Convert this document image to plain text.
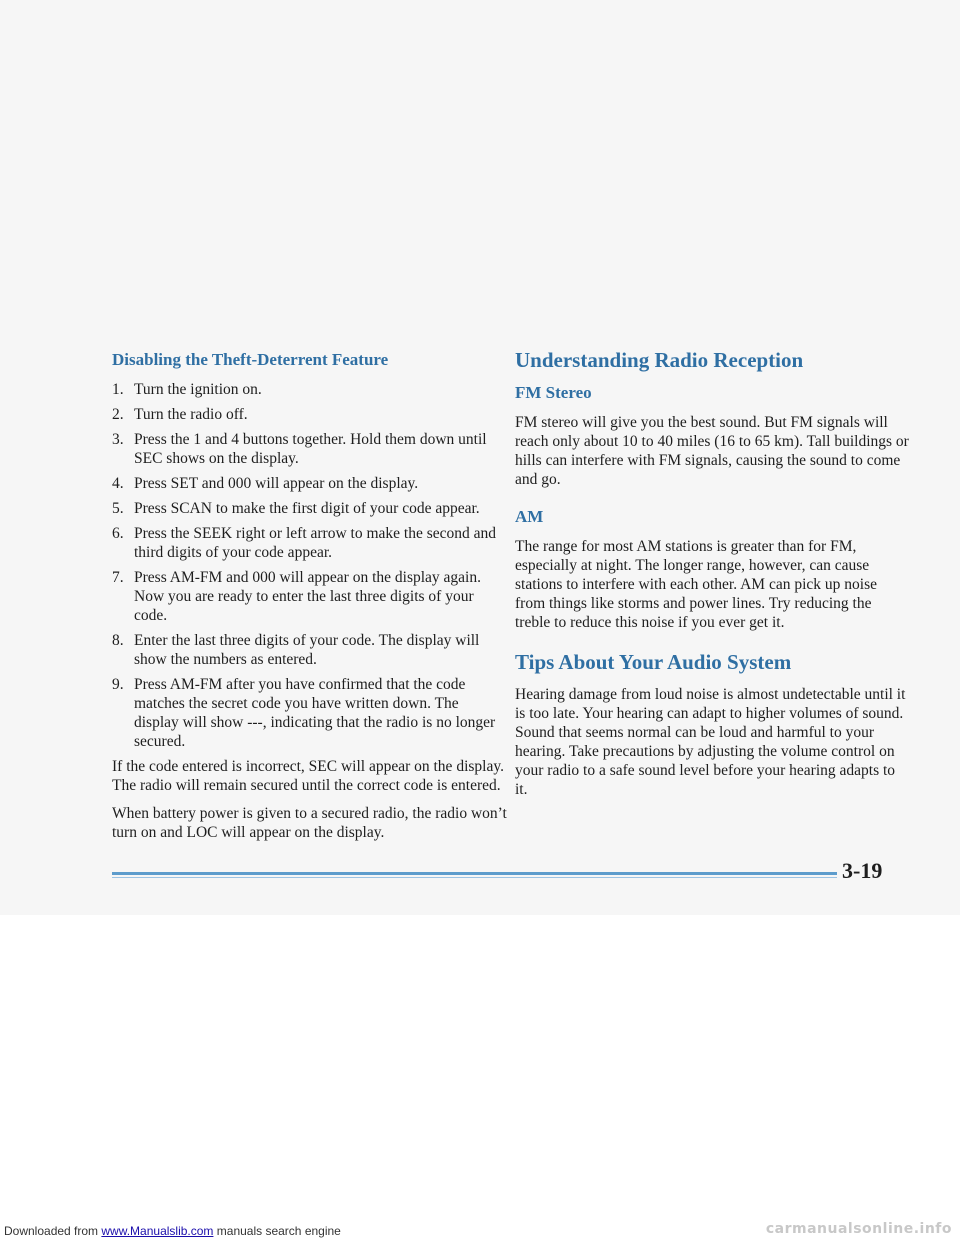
Disabling the Theft-Deterrent Feature
1. Turn the ignition on.
2. Turn the radio off.
3. Press the 1 and 4 buttons together. Hold them down until SEC shows on the display.
4. Press SET and 000 will appear on the display.
5. Press SCAN to make the first digit of your code appear.
6. Press the SEEK right or left arrow to make the second and third digits of your code appear.
7. Press AM-FM and 000 will appear on the display again. Now you are ready to enter the last three digits of your code.
8. Enter the last three digits of your code. The display will show the numbers as entered.
9. Press AM-FM after you have confirmed that the code matches the secret code you have written down. The display will show ---, indicating that the radio is no longer secured.

If the code entered is incorrect, SEC will appear on the display. The radio will remain secured until the correct code is entered.

When battery power is given to a secured radio, the radio won’t turn on and LOC will appear on the display.

Understanding Radio Reception
FM Stereo

FM stereo will give you the best sound. But FM signals will reach only about 10 to 40 miles (16 to 65 km). Tall buildings or hills can interfere with FM signals, causing the sound to come and go.

AM

The range for most AM stations is greater than for FM, especially at night. The longer range, however, can cause stations to interfere with each other. AM can pick up noise from things like storms and power lines. Try reducing the treble to reduce this noise if you ever get it.

Tips About Your Audio System

Hearing damage from loud noise is almost undetectable until it is too late. Your hearing can adapt to higher volumes of sound. Sound that seems normal can be loud and harmful to your hearing. Take precautions by adjusting the volume control on your radio to a safe sound level before your hearing adapts to it.

3-19
Downloaded from www.Manualslib.com manuals search engine	carmanualsonline.info
